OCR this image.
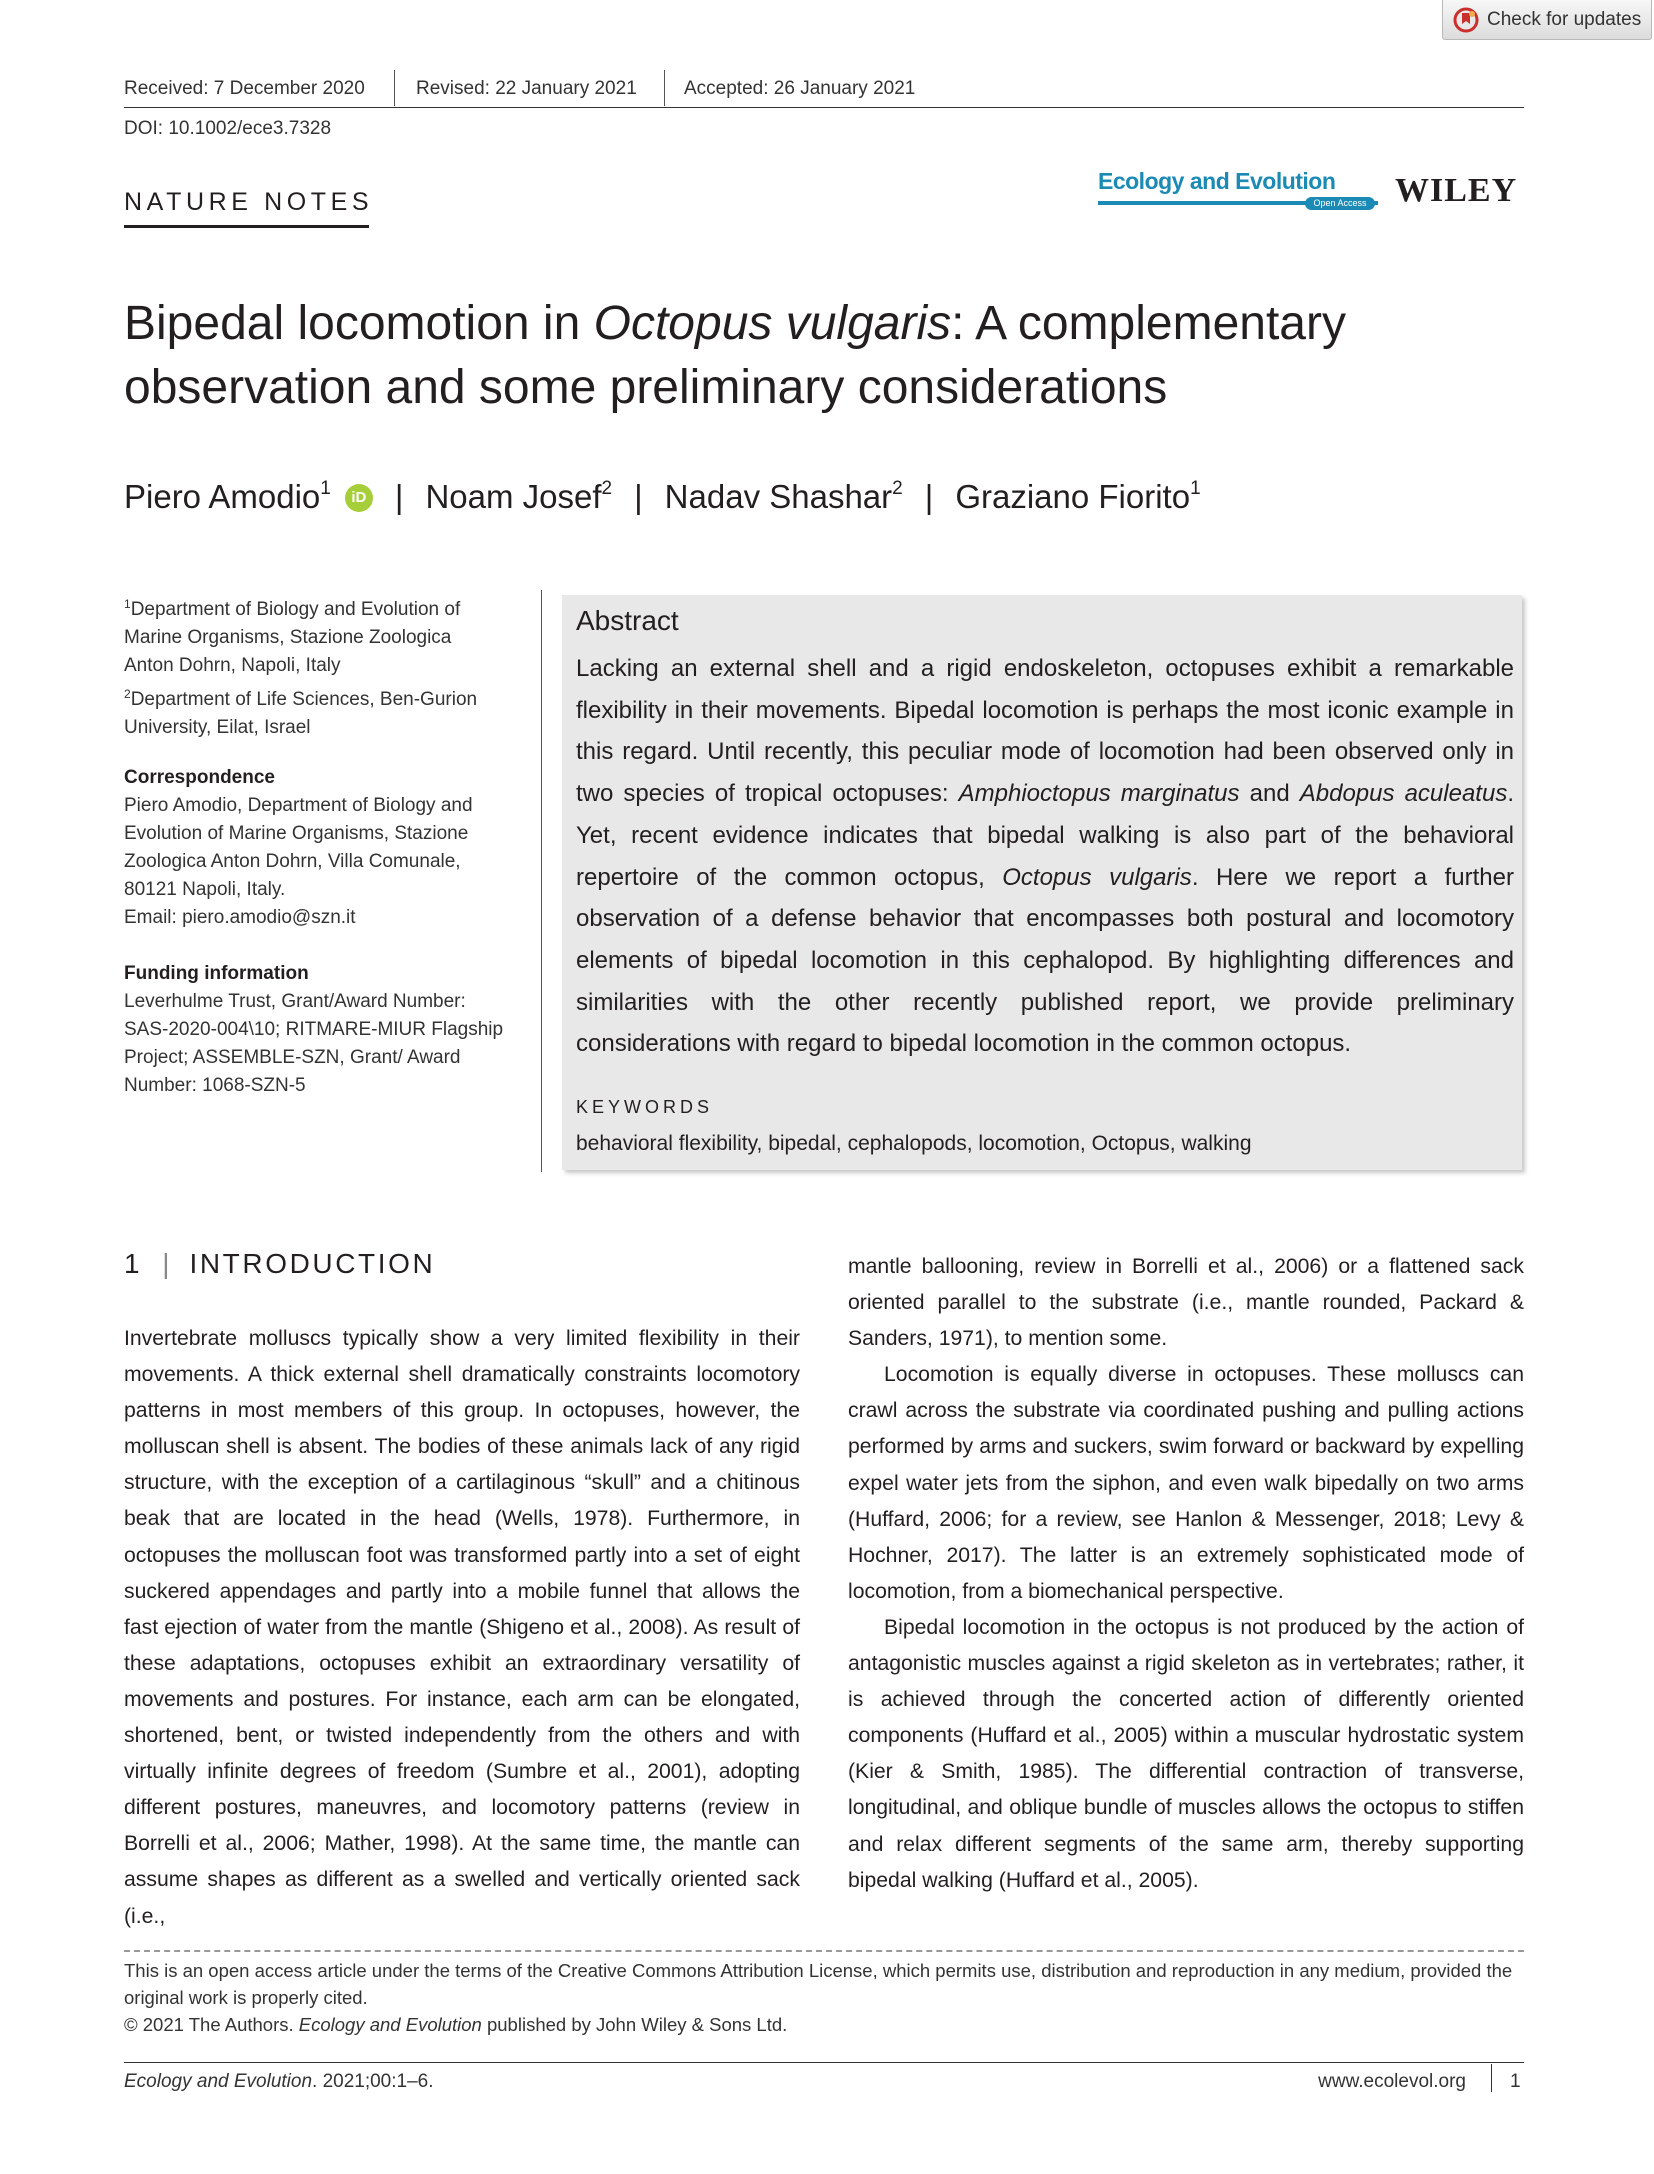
Check for updates
Received: 7 December 2020	Revised: 22 January 2021 Accepted: 26 January 2021
DOI: 10.1002/ece3.7328
NATURE NOTES
Ecology and Evolution
Open Access WILEY
Bipedal locomotion in Octopus vulgaris: A complementary
observation and some preliminary considerations
Piero Amodio$^1$ iD | Noam Josef$^2$ | Nadav Shashar$^2$ | Graziano Fiorito$^1$
$^1$Department of Biology and Evolution of Marine Organisms, Stazione Zoologica Anton Dohrn, Napoli, Italy
$^2$Department of Life Sciences, Ben-Gurion University, Eilat, Israel
Correspondence
Piero Amodio, Department of Biology and Evolution of Marine Organisms, Stazione Zoologica Anton Dohrn, Villa Comunale, 80121 Napoli, Italy.
Email: piero.amodio@szn.it
Funding information
Leverhulme Trust, Grant/Award Number: SAS-2020-004\10; RITMARE-MIUR Flagship Project; ASSEMBLE-SZN, Grant/ Award Number: 1068-SZN-5
Abstract
Lacking an external shell and a rigid endoskeleton, octopuses exhibit a remarkable flexibility in their movements. Bipedal locomotion is perhaps the most iconic example in this regard. Until recently, this peculiar mode of locomotion had been observed only in two species of tropical octopuses: Amphioctopus marginatus and Abdopus aculeatus. Yet, recent evidence indicates that bipedal walking is also part of the behavioral repertoire of the common octopus, Octopus vulgaris. Here we report a further observation of a defense behavior that encompasses both postural and locomotory elements of bipedal locomotion in this cephalopod. By highlighting differences and similarities with the other recently published report, we provide preliminary considerations with regard to bipedal locomotion in the common octopus.
KEYWORDS
behavioral flexibility, bipedal, cephalopods, locomotion, Octopus, walking
1 | INTRODUCTION

Invertebrate molluscs typically show a very limited flexibility in their movements. A thick external shell dramatically constraints locomotory patterns in most members of this group. In octopuses, however, the molluscan shell is absent. The bodies of these animals lack of any rigid structure, with the exception of a cartilaginous “skull” and a chitinous beak that are located in the head (Wells, 1978). Furthermore, in octopuses the molluscan foot was transformed partly into a set of eight suckered appendages and partly into a mobile funnel that allows the fast ejection of water from the mantle (Shigeno et al., 2008). As result of these adaptations, octopuses exhibit an extraordinary versatility of movements and postures. For instance, each arm can be elongated, shortened, bent, or twisted independently from the others and with virtually infinite degrees of freedom (Sumbre et al., 2001), adopting different postures, maneuvres, and locomotory patterns (review in Borrelli et al., 2006; Mather, 1998). At the same time, the mantle can assume shapes as different as a swelled and vertically oriented sack (i.e.,

mantle ballooning, review in Borrelli et al., 2006) or a flattened sack oriented parallel to the substrate (i.e., mantle rounded, Packard & Sanders, 1971), to mention some.

Locomotion is equally diverse in octopuses. These molluscs can crawl across the substrate via coordinated pushing and pulling actions performed by arms and suckers, swim forward or backward by expelling expel water jets from the siphon, and even walk bipedally on two arms (Huffard, 2006; for a review, see Hanlon & Messenger, 2018; Levy & Hochner, 2017). The latter is an extremely sophisticated mode of locomotion, from a biomechanical perspective.

Bipedal locomotion in the octopus is not produced by the action of antagonistic muscles against a rigid skeleton as in vertebrates; rather, it is achieved through the concerted action of differently oriented components (Huffard et al., 2005) within a muscular hydrostatic system (Kier & Smith, 1985). The differential contraction of transverse, longitudinal, and oblique bundle of muscles allows the octopus to stiffen and relax different segments of the same arm, thereby supporting bipedal walking (Huffard et al., 2005).

This is an open access article under the terms of the Creative Commons Attribution License, which permits use, distribution and reproduction in any medium, provided the original work is properly cited.
© 2021 The Authors. Ecology and Evolution published by John Wiley & Sons Ltd.
Ecology and Evolution. 2021;00:1–6.	www.ecolevol.org 1
